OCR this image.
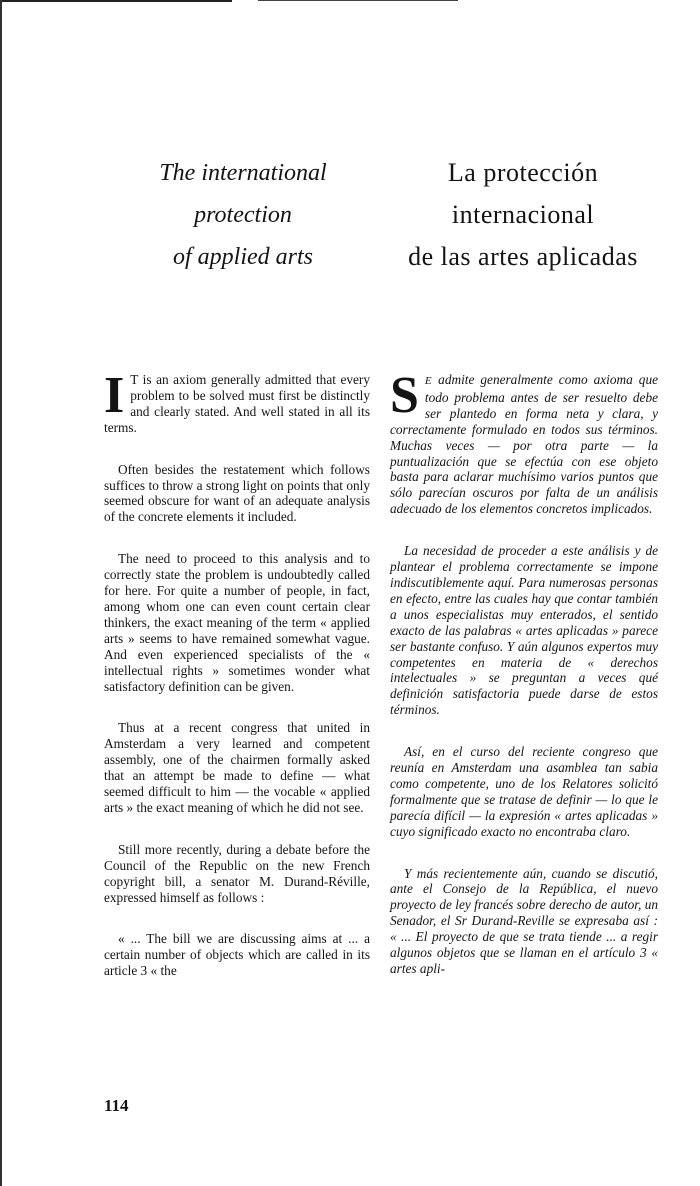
The international
protection
of applied arts
La protección
internacional
de las artes aplicadas

I T is an axiom generally admitted that every problem to be solved must first be distinctly and clearly stated. And well stated in all its terms.

Often besides the restatement which follows suffices to throw a strong light on points that only seemed obscure for want of an adequate analysis of the concrete elements it included.

The need to proceed to this analysis and to correctly state the problem is undoubtedly called for here. For quite a number of people, in fact, among whom one can even count certain clear thinkers, the exact meaning of the term « applied arts » seems to have remained somewhat vague. And even experienced specialists of the « intellectual rights » sometimes wonder what satisfactory definition can be given.

Thus at a recent congress that united in Amsterdam a very learned and competent assembly, one of the chairmen formally asked that an attempt be made to define — what seemed difficult to him — the vocable « applied arts » the exact meaning of which he did not see.

Still more recently, during a debate before the Council of the Republic on the new French copyright bill, a senator M. Durand-Réville, expressed himself as follows :

« ... The bill we are discussing aims at ... a certain number of objects which are called in its article 3 « the

S E admite generalmente como axioma que todo problema antes de ser resuelto debe ser plantedo en forma neta y clara, y correctamente formulado en todos sus términos. Muchas veces — por otra parte — la puntualización que se efectúa con ese objeto basta para aclarar muchísimo varios puntos que sólo parecían oscuros por falta de un análisis adecuado de los elementos concretos implicados.

La necesidad de proceder a este análisis y de plantear el problema correctamente se impone indiscutiblemente aquí. Para numerosas personas en efecto, entre las cuales hay que contar también a unos especialistas muy enterados, el sentido exacto de las palabras « artes aplicadas » parece ser bastante confuso. Y aún algunos expertos muy competentes en materia de « derechos intelectuales » se preguntan a veces qué definición satisfactoria puede darse de estos términos.

Así, en el curso del reciente congreso que reunía en Amsterdam una asamblea tan sabia como competente, uno de los Relatores solicitó formalmente que se tratase de definir — lo que le parecía difícil — la expresión « artes aplicadas » cuyo significado exacto no encontraba claro.

Y más recientemente aún, cuando se discutió, ante el Consejo de la República, el nuevo proyecto de ley francés sobre derecho de autor, un Senador, el Sr Durand-Reville se expresaba así : « ... El proyecto de que se trata tiende ... a regir algunos objetos que se llaman en el artículo 3 « artes apli-

114
